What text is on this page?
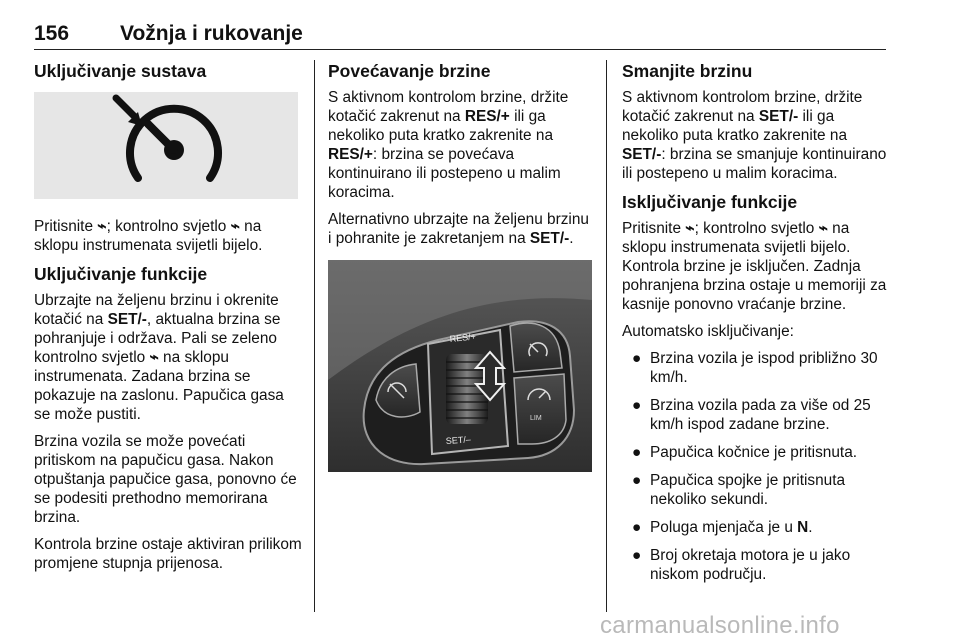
156 Vožnja i rukovanje
Uključivanje sustava

Pritisnite ⌁; kontrolno svjetlo ⌁ na sklopu instrumenata svijetli bijelo.

Uključivanje funkcije

Ubrzajte na željenu brzinu i okrenite kotačić na SET/-, aktualna brzina se pohranjuje i održava. Pali se zeleno kontrolno svjetlo ⌁ na sklopu instrumenata. Zadana brzina se pokazuje na zaslonu. Papučica gasa se može pustiti.

Brzina vozila se može povećati pritiskom na papučicu gasa. Nakon otpuštanja papučice gasa, ponovno će se podesiti prethodno memorirana brzina.

Kontrola brzine ostaje aktiviran prilikom promjene stupnja prijenosa.

Povećavanje brzine

S aktivnom kontrolom brzine, držite kotačić zakrenut na RES/+ ili ga nekoliko puta kratko zakrenite na RES/+: brzina se povećava kontinuirano ili postepeno u malim koracima.

Alternativno ubrzajte na željenu brzinu i pohranite je zakretanjem na SET/-.

RES/+
SET/–
LIM
Smanjite brzinu

S aktivnom kontrolom brzine, držite kotačić zakrenut na SET/- ili ga nekoliko puta kratko zakrenite na SET/-: brzina se smanjuje kontinuirano ili postepeno u malim koracima.

Isključivanje funkcije

Pritisnite ⌁; kontrolno svjetlo ⌁ na sklopu instrumenata svijetli bijelo. Kontrola brzine je isključen. Zadnja pohranjena brzina ostaje u memoriji za kasnije ponovno vraćanje brzine.

Automatsko isključivanje:

● Brzina vozila je ispod približno 30 km/h.
● Brzina vozila pada za više od 25 km/h ispod zadane brzine.
● Papučica kočnice je pritisnuta.
● Papučica spojke je pritisnuta nekoliko sekundi.
● Poluga mjenjača je u N.
● Broj okretaja motora je u jako niskom području.
carmanualsonline.info
